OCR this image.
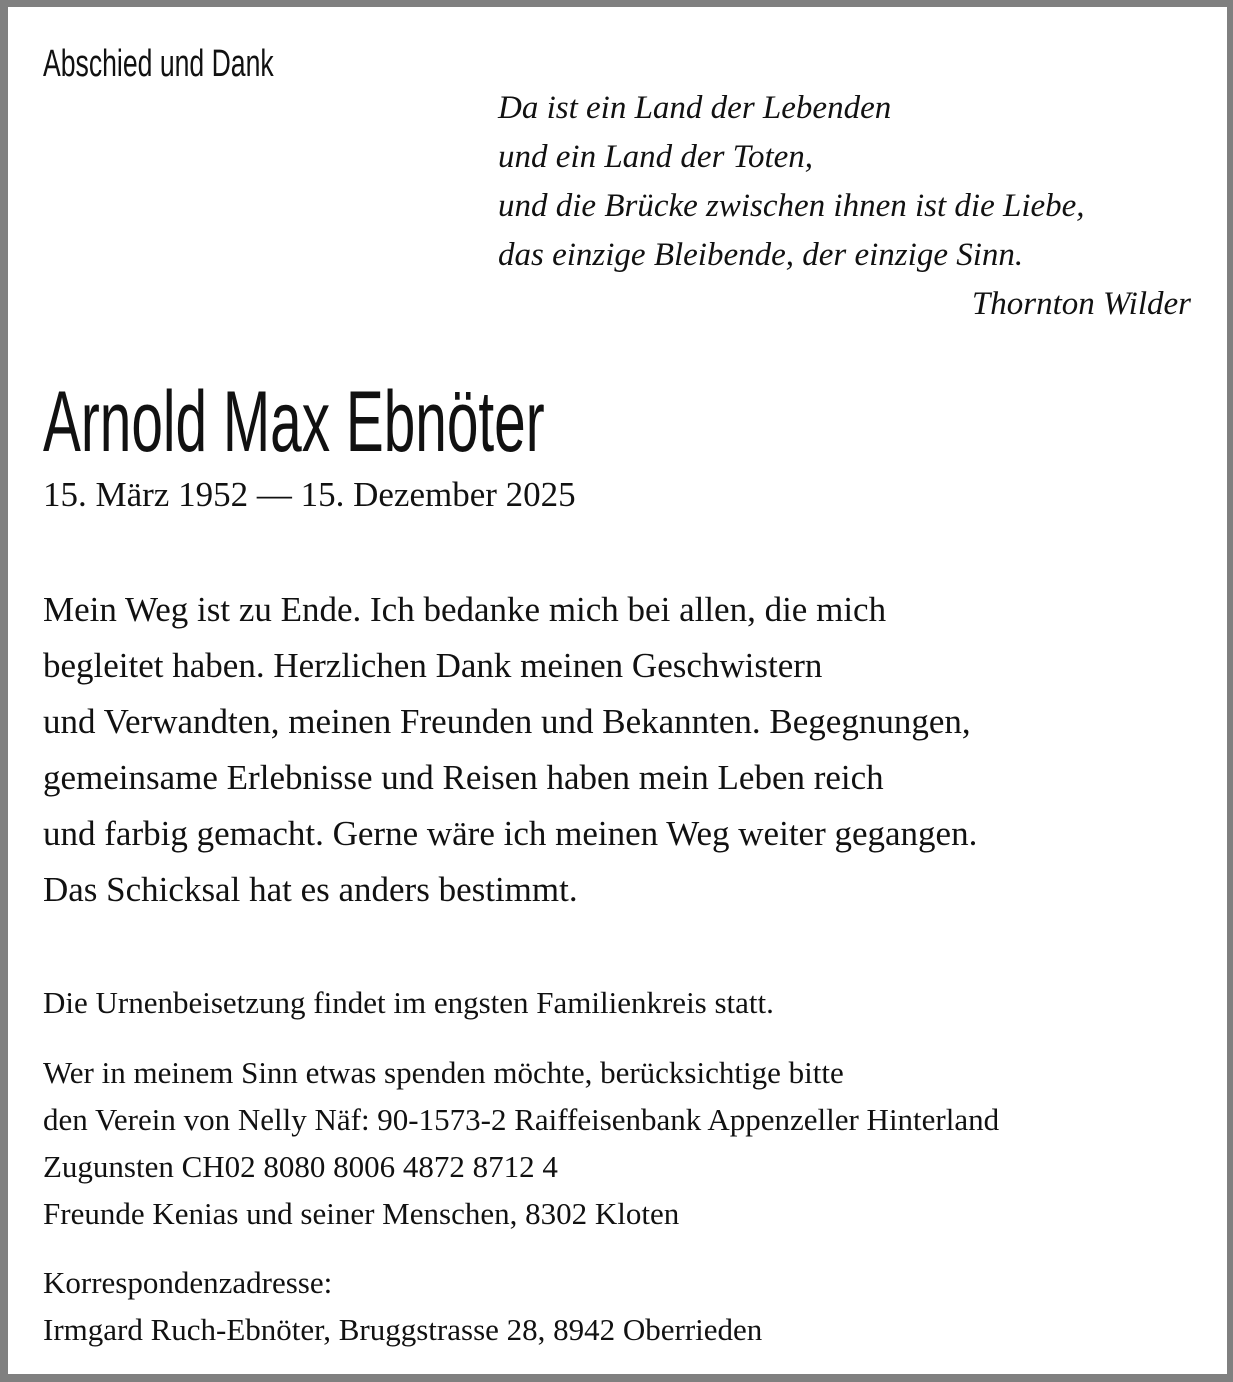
Abschied und Dank
Da ist ein Land der Lebenden
und ein Land der Toten,
und die Brücke zwischen ihnen ist die Liebe,
das einzige Bleibende, der einzige Sinn.
Thornton Wilder
Arnold Max Ebnöter
15. März 1952 — 15. Dezember 2025
Mein Weg ist zu Ende. Ich bedanke mich bei allen, die mich
begleitet haben. Herzlichen Dank meinen Geschwistern
und Verwandten, meinen Freunden und Bekannten. Begegnungen,
gemeinsame Erlebnisse und Reisen haben mein Leben reich
und farbig gemacht. Gerne wäre ich meinen Weg weiter gegangen.
Das Schicksal hat es anders bestimmt.
Die Urnenbeisetzung findet im engsten Familienkreis statt.
Wer in meinem Sinn etwas spenden möchte, berücksichtige bitte
den Verein von Nelly Näf: 90-1573-2 Raiffeisenbank Appenzeller Hinterland
Zugunsten CH02 8080 8006 4872 8712 4
Freunde Kenias und seiner Menschen, 8302 Kloten
Korrespondenzadresse:
Irmgard Ruch-Ebnöter, Bruggstrasse 28, 8942 Oberrieden
